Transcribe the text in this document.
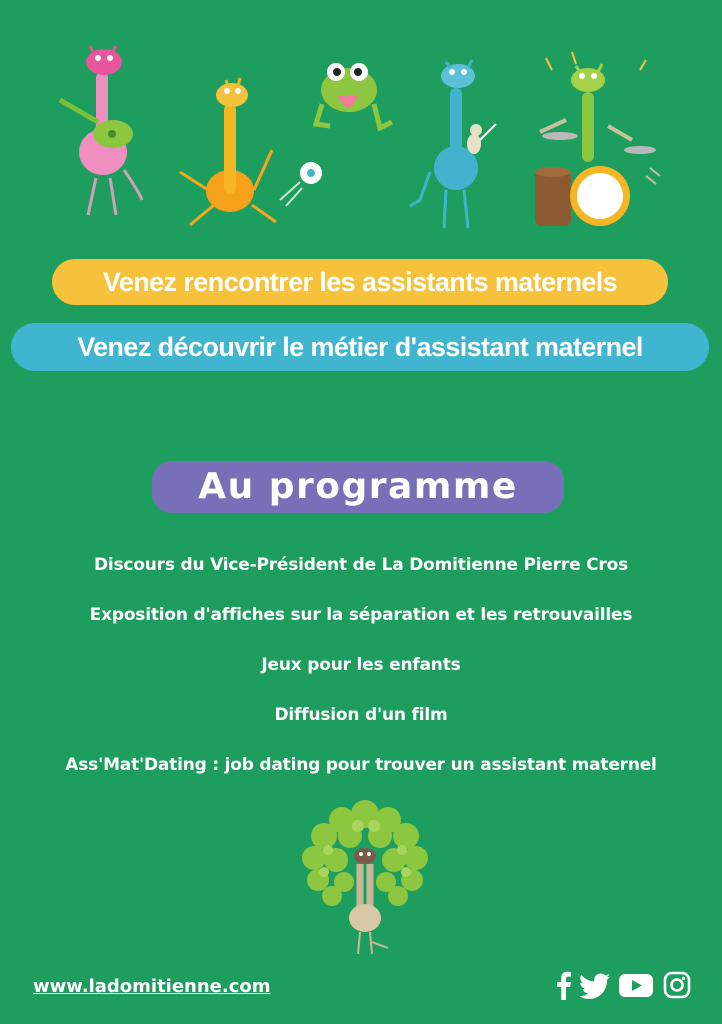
Venez rencontrer les assistants maternels
Venez découvrir le métier d'assistant maternel
Au programme
Discours du Vice-Président de La Domitienne Pierre Cros
Exposition d'affiches sur la séparation et les retrouvailles
Jeux pour les enfants
Diffusion d'un film
Ass'Mat'Dating : job dating pour trouver un assistant maternel
www.ladomitienne.com
